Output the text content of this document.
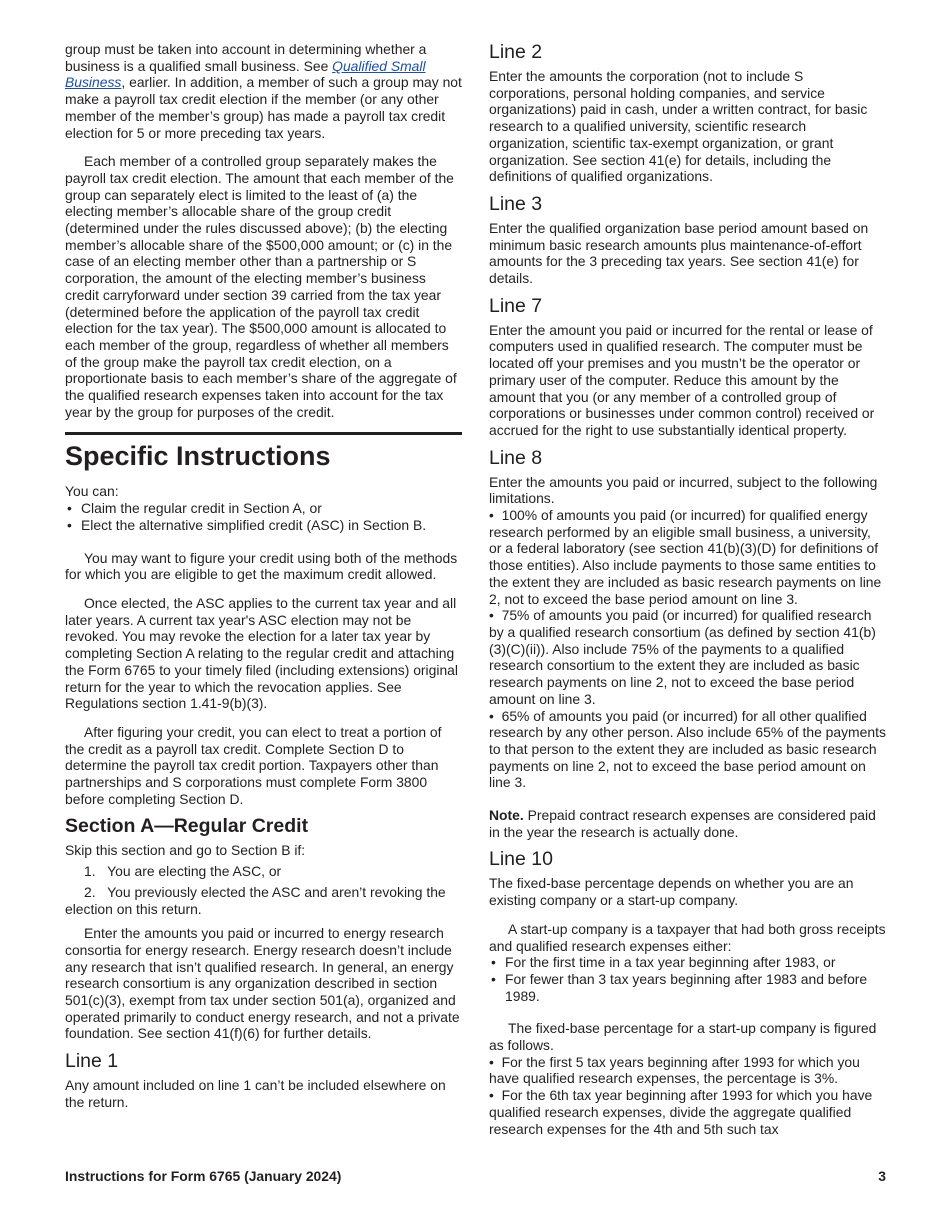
group must be taken into account in determining whether a business is a qualified small business. See Qualified Small Business, earlier. In addition, a member of such a group may not make a payroll tax credit election if the member (or any other member of the member’s group) has made a payroll tax credit election for 5 or more preceding tax years.

Each member of a controlled group separately makes the payroll tax credit election. The amount that each member of the group can separately elect is limited to the least of (a) the electing member’s allocable share of the group credit (determined under the rules discussed above); (b) the electing member’s allocable share of the $500,000 amount; or (c) in the case of an electing member other than a partnership or S corporation, the amount of the electing member’s business credit carryforward under section 39 carried from the tax year (determined before the application of the payroll tax credit election for the tax year). The $500,000 amount is allocated to each member of the group, regardless of whether all members of the group make the payroll tax credit election, on a proportionate basis to each member’s share of the aggregate of the qualified research expenses taken into account for the tax year by the group for purposes of the credit.

Specific Instructions

You can:

• Claim the regular credit in Section A, or
• Elect the alternative simplified credit (ASC) in Section B.

You may want to figure your credit using both of the methods for which you are eligible to get the maximum credit allowed.

Once elected, the ASC applies to the current tax year and all later years. A current tax year's ASC election may not be revoked. You may revoke the election for a later tax year by completing Section A relating to the regular credit and attaching the Form 6765 to your timely filed (including extensions) original return for the year to which the revocation applies. See Regulations section 1.41-9(b)(3).

After figuring your credit, you can elect to treat a portion of the credit as a payroll tax credit. Complete Section D to determine the payroll tax credit portion. Taxpayers other than partnerships and S corporations must complete Form 3800 before completing Section D.

Section A—Regular Credit

Skip this section and go to Section B if:

1. You are electing the ASC, or
2. You previously elected the ASC and aren’t revoking the election on this return.

Enter the amounts you paid or incurred to energy research consortia for energy research. Energy research doesn’t include any research that isn’t qualified research. In general, an energy research consortium is any organization described in section 501(c)(3), exempt from tax under section 501(a), organized and operated primarily to conduct energy research, and not a private foundation. See section 41(f)(6) for further details.

Line 1

Any amount included on line 1 can’t be included elsewhere on the return.

Line 2

Enter the amounts the corporation (not to include S corporations, personal holding companies, and service organizations) paid in cash, under a written contract, for basic research to a qualified university, scientific research organization, scientific tax-exempt organization, or grant organization. See section 41(e) for details, including the definitions of qualified organizations.

Line 3

Enter the qualified organization base period amount based on minimum basic research amounts plus maintenance-of-effort amounts for the 3 preceding tax years. See section 41(e) for details.

Line 7

Enter the amount you paid or incurred for the rental or lease of computers used in qualified research. The computer must be located off your premises and you mustn’t be the operator or primary user of the computer. Reduce this amount by the amount that you (or any member of a controlled group of corporations or businesses under common control) received or accrued for the right to use substantially identical property.

Line 8

Enter the amounts you paid or incurred, subject to the following limitations.

•  100% of amounts you paid (or incurred) for qualified energy research performed by an eligible small business, a university, or a federal laboratory (see section 41(b)(3)(D) for definitions of those entities). Also include payments to those same entities to the extent they are included as basic research payments on line 2, not to exceed the base period amount on line 3.
•  75% of amounts you paid (or incurred) for qualified research by a qualified research consortium (as defined by section 41(b)(3)(C)(ii)). Also include 75% of the payments to a qualified research consortium to the extent they are included as basic research payments on line 2, not to exceed the base period amount on line 3.
•  65% of amounts you paid (or incurred) for all other qualified research by any other person. Also include 65% of the payments to that person to the extent they are included as basic research payments on line 2, not to exceed the base period amount on line 3.

Note. Prepaid contract research expenses are considered paid in the year the research is actually done.

Line 10

The fixed-base percentage depends on whether you are an existing company or a start-up company.

A start-up company is a taxpayer that had both gross receipts and qualified research expenses either:

• For the first time in a tax year beginning after 1983, or
• For fewer than 3 tax years beginning after 1983 and before 1989.

The fixed-base percentage for a start-up company is figured as follows.

•  For the first 5 tax years beginning after 1993 for which you have qualified research expenses, the percentage is 3%.
•  For the 6th tax year beginning after 1993 for which you have qualified research expenses, divide the aggregate qualified research expenses for the 4th and 5th such tax
Instructions for Form 6765 (January 2024)	3
